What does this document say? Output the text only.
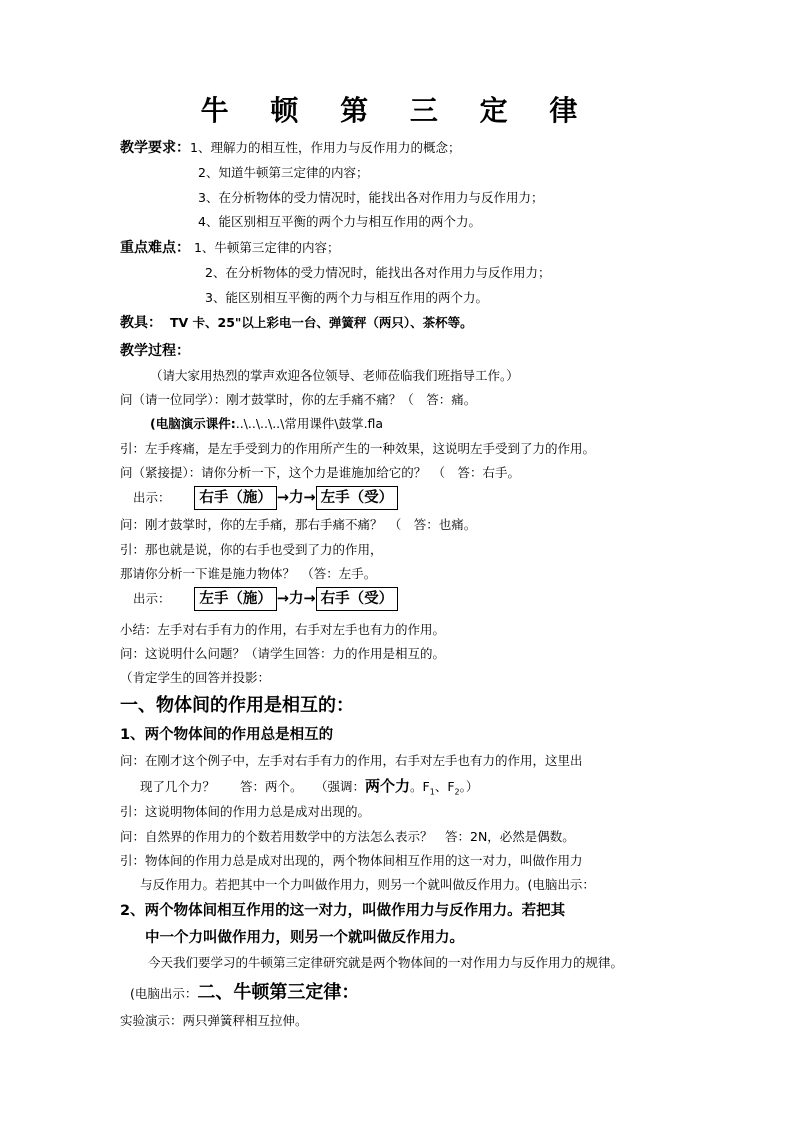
牛 顿 第 三 定 律
教学要求：1、理解力的相互性，作用力与反作用力的概念；
2、知道牛顿第三定律的内容；
3、在分析物体的受力情况时，能找出各对作用力与反作用力；
4、能区别相互平衡的两个力与相互作用的两个力。
重点难点： 1、牛顿第三定律的内容；
2、在分析物体的受力情况时，能找出各对作用力与反作用力；
3、能区别相互平衡的两个力与相互作用的两个力。
教具： TV 卡、25"以上彩电一台、弹簧秤（两只）、茶杯等。
教学过程：
（请大家用热烈的掌声欢迎各位领导、老师莅临我们班指导工作。）
问（请一位同学）：刚才鼓掌时，你的左手痛不痛？（　答：痛。
(电脑演示课件:..\..\..\..\常用课件\鼓掌.fla
引：左手疼痛，是左手受到力的作用所产生的一种效果，这说明左手受到了力的作用。
问（紧接提）：请你分析一下，这个力是谁施加给它的？　（　答：右手。
出示： 右手（施） →力→ 左手（受）
问：刚才鼓掌时，你的左手痛，那右手痛不痛？　（　答：也痛。
引：那也就是说，你的右手也受到了力的作用，
那请你分析一下谁是施力物体？　（答：左手。
出示： 左手（施） →力→ 右手（受）
小结：左手对右手有力的作用，右手对左手也有力的作用。
问：这说明什么问题？（请学生回答：力的作用是相互的。
（肯定学生的回答并投影：
一、物体间的作用是相互的：
1、两个物体间的作用总是相互的
问：在刚才这个例子中，左手对右手有力的作用，右手对左手也有力的作用，这里出
现了几个力？　　答：两个。　　（强调：两个力。$F_1$、$F_2$。）
引：这说明物体间的作用力总是成对出现的。
问：自然界的作用力的个数若用数学中的方法怎么表示？　答：2N，必然是偶数。
引：物体间的作用力总是成对出现的，两个物体间相互作用的这一对力，叫做作用力
与反作用力。若把其中一个力叫做作用力，则另一个就叫做反作用力。(电脑出示：
2、两个物体间相互作用的这一对力，叫做作用力与反作用力。若把其
中一个力叫做作用力，则另一个就叫做反作用力。
今天我们要学习的牛顿第三定律研究就是两个物体间的一对作用力与反作用力的规律。
(电脑出示：二、牛顿第三定律：
实验演示：两只弹簧秤相互拉伸。
